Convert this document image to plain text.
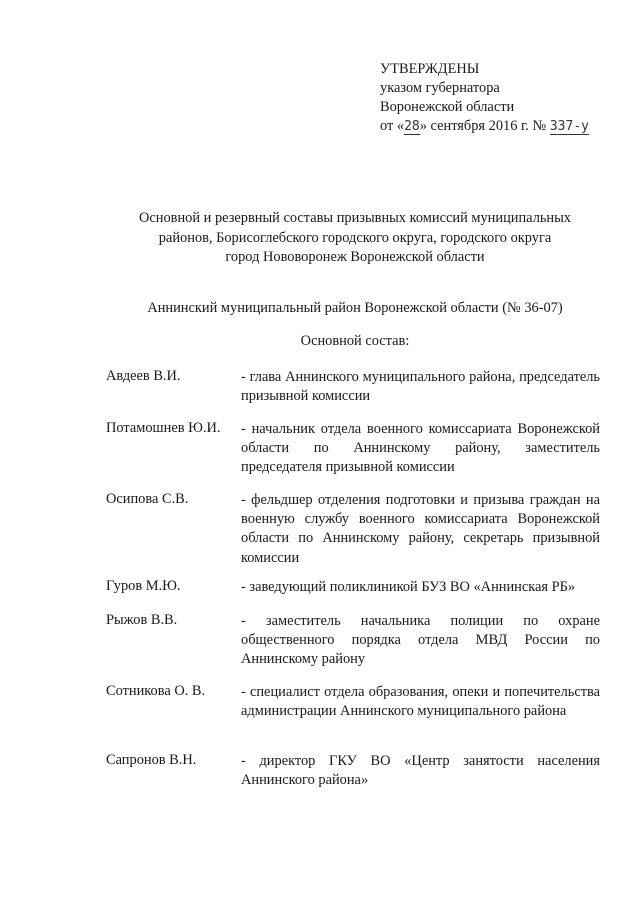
УТВЕРЖДЕНЫ
указом губернатора
Воронежской области
от «28» сентября 2016 г. № 337-у
Основной и резервный составы призывных комиссий муниципальных
районов, Борисоглебского городского округа, городского округа
город Нововоронеж Воронежской области
Аннинский муниципальный район Воронежской области (№ 36-07)
Основной состав:
Авдеев В.И.	- глава Аннинского муниципального района, председатель призывной комиссии
Потамошнев Ю.И.	- начальник отдела военного комиссариата Воронежской области по Аннинскому району, заместитель председателя призывной комиссии
Осипова С.В.	- фельдшер отделения подготовки и призыва граждан на военную службу военного комиссариата Воронежской области по Аннинскому району, секретарь призывной комиссии
Гуров М.Ю.	- заведующий поликлиникой БУЗ ВО «Аннинская РБ»
Рыжов В.В.	- заместитель начальника полиции по охране общественного порядка отдела МВД России по Аннинскому району
Сотникова О. В.	- специалист отдела образования, опеки и попечительства администрации Аннинского муниципального района
Сапронов В.Н.	- директор ГКУ ВО «Центр занятости населения Аннинского района»
